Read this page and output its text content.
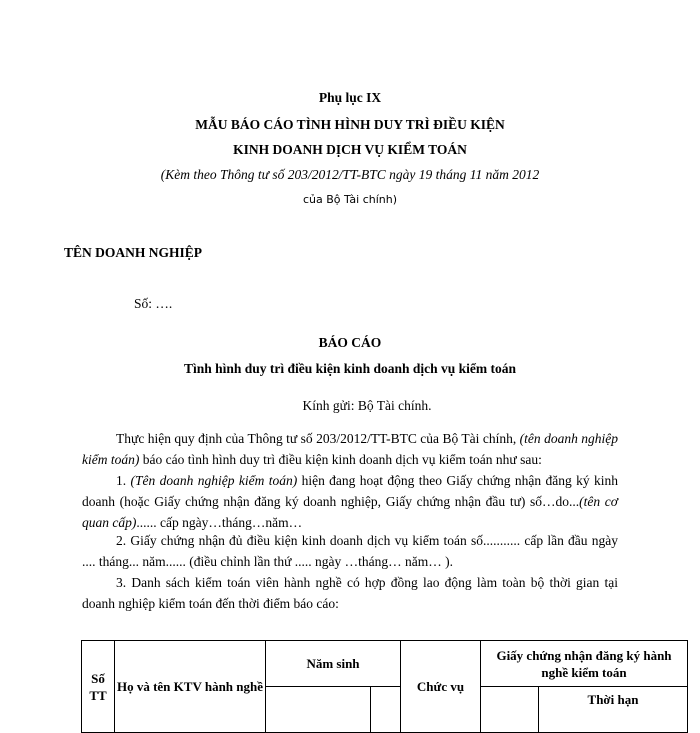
Phụ lục IX
MẪU BÁO CÁO TÌNH HÌNH DUY TRÌ ĐIỀU KIỆN
KINH DOANH DỊCH VỤ KIỂM TOÁN
(Kèm theo Thông tư số 203/2012/TT-BTC ngày 19 tháng 11 năm 2012
của Bộ Tài chính)
TÊN DOANH NGHIỆP
Số: ….
BÁO CÁO
Tình hình duy trì điều kiện kinh doanh dịch vụ kiểm toán
Kính gửi: Bộ Tài chính.
Thực hiện quy định của Thông tư số 203/2012/TT-BTC của Bộ Tài chính, (tên doanh nghiệp kiểm toán) báo cáo tình hình duy trì điều kiện kinh doanh dịch vụ kiểm toán như sau:
1. (Tên doanh nghiệp kiểm toán) hiện đang hoạt động theo Giấy chứng nhận đăng ký kinh doanh (hoặc Giấy chứng nhận đăng ký doanh nghiệp, Giấy chứng nhận đầu tư) số…do...(tên cơ quan cấp)...... cấp ngày…tháng…năm…
2. Giấy chứng nhận đủ điều kiện kinh doanh dịch vụ kiểm toán số........... cấp lần đầu ngày .... tháng... năm...... (điều chỉnh lần thứ ..... ngày …tháng… năm… ).
3. Danh sách kiểm toán viên hành nghề có hợp đồng lao động làm toàn bộ thời gian tại doanh nghiệp kiểm toán đến thời điểm báo cáo:
Số TT	Họ và tên KTV hành nghề	Năm sinh		Chức vụ	Giấy chứng nhận đăng ký hành nghề kiểm toán	
						Thời hạn
